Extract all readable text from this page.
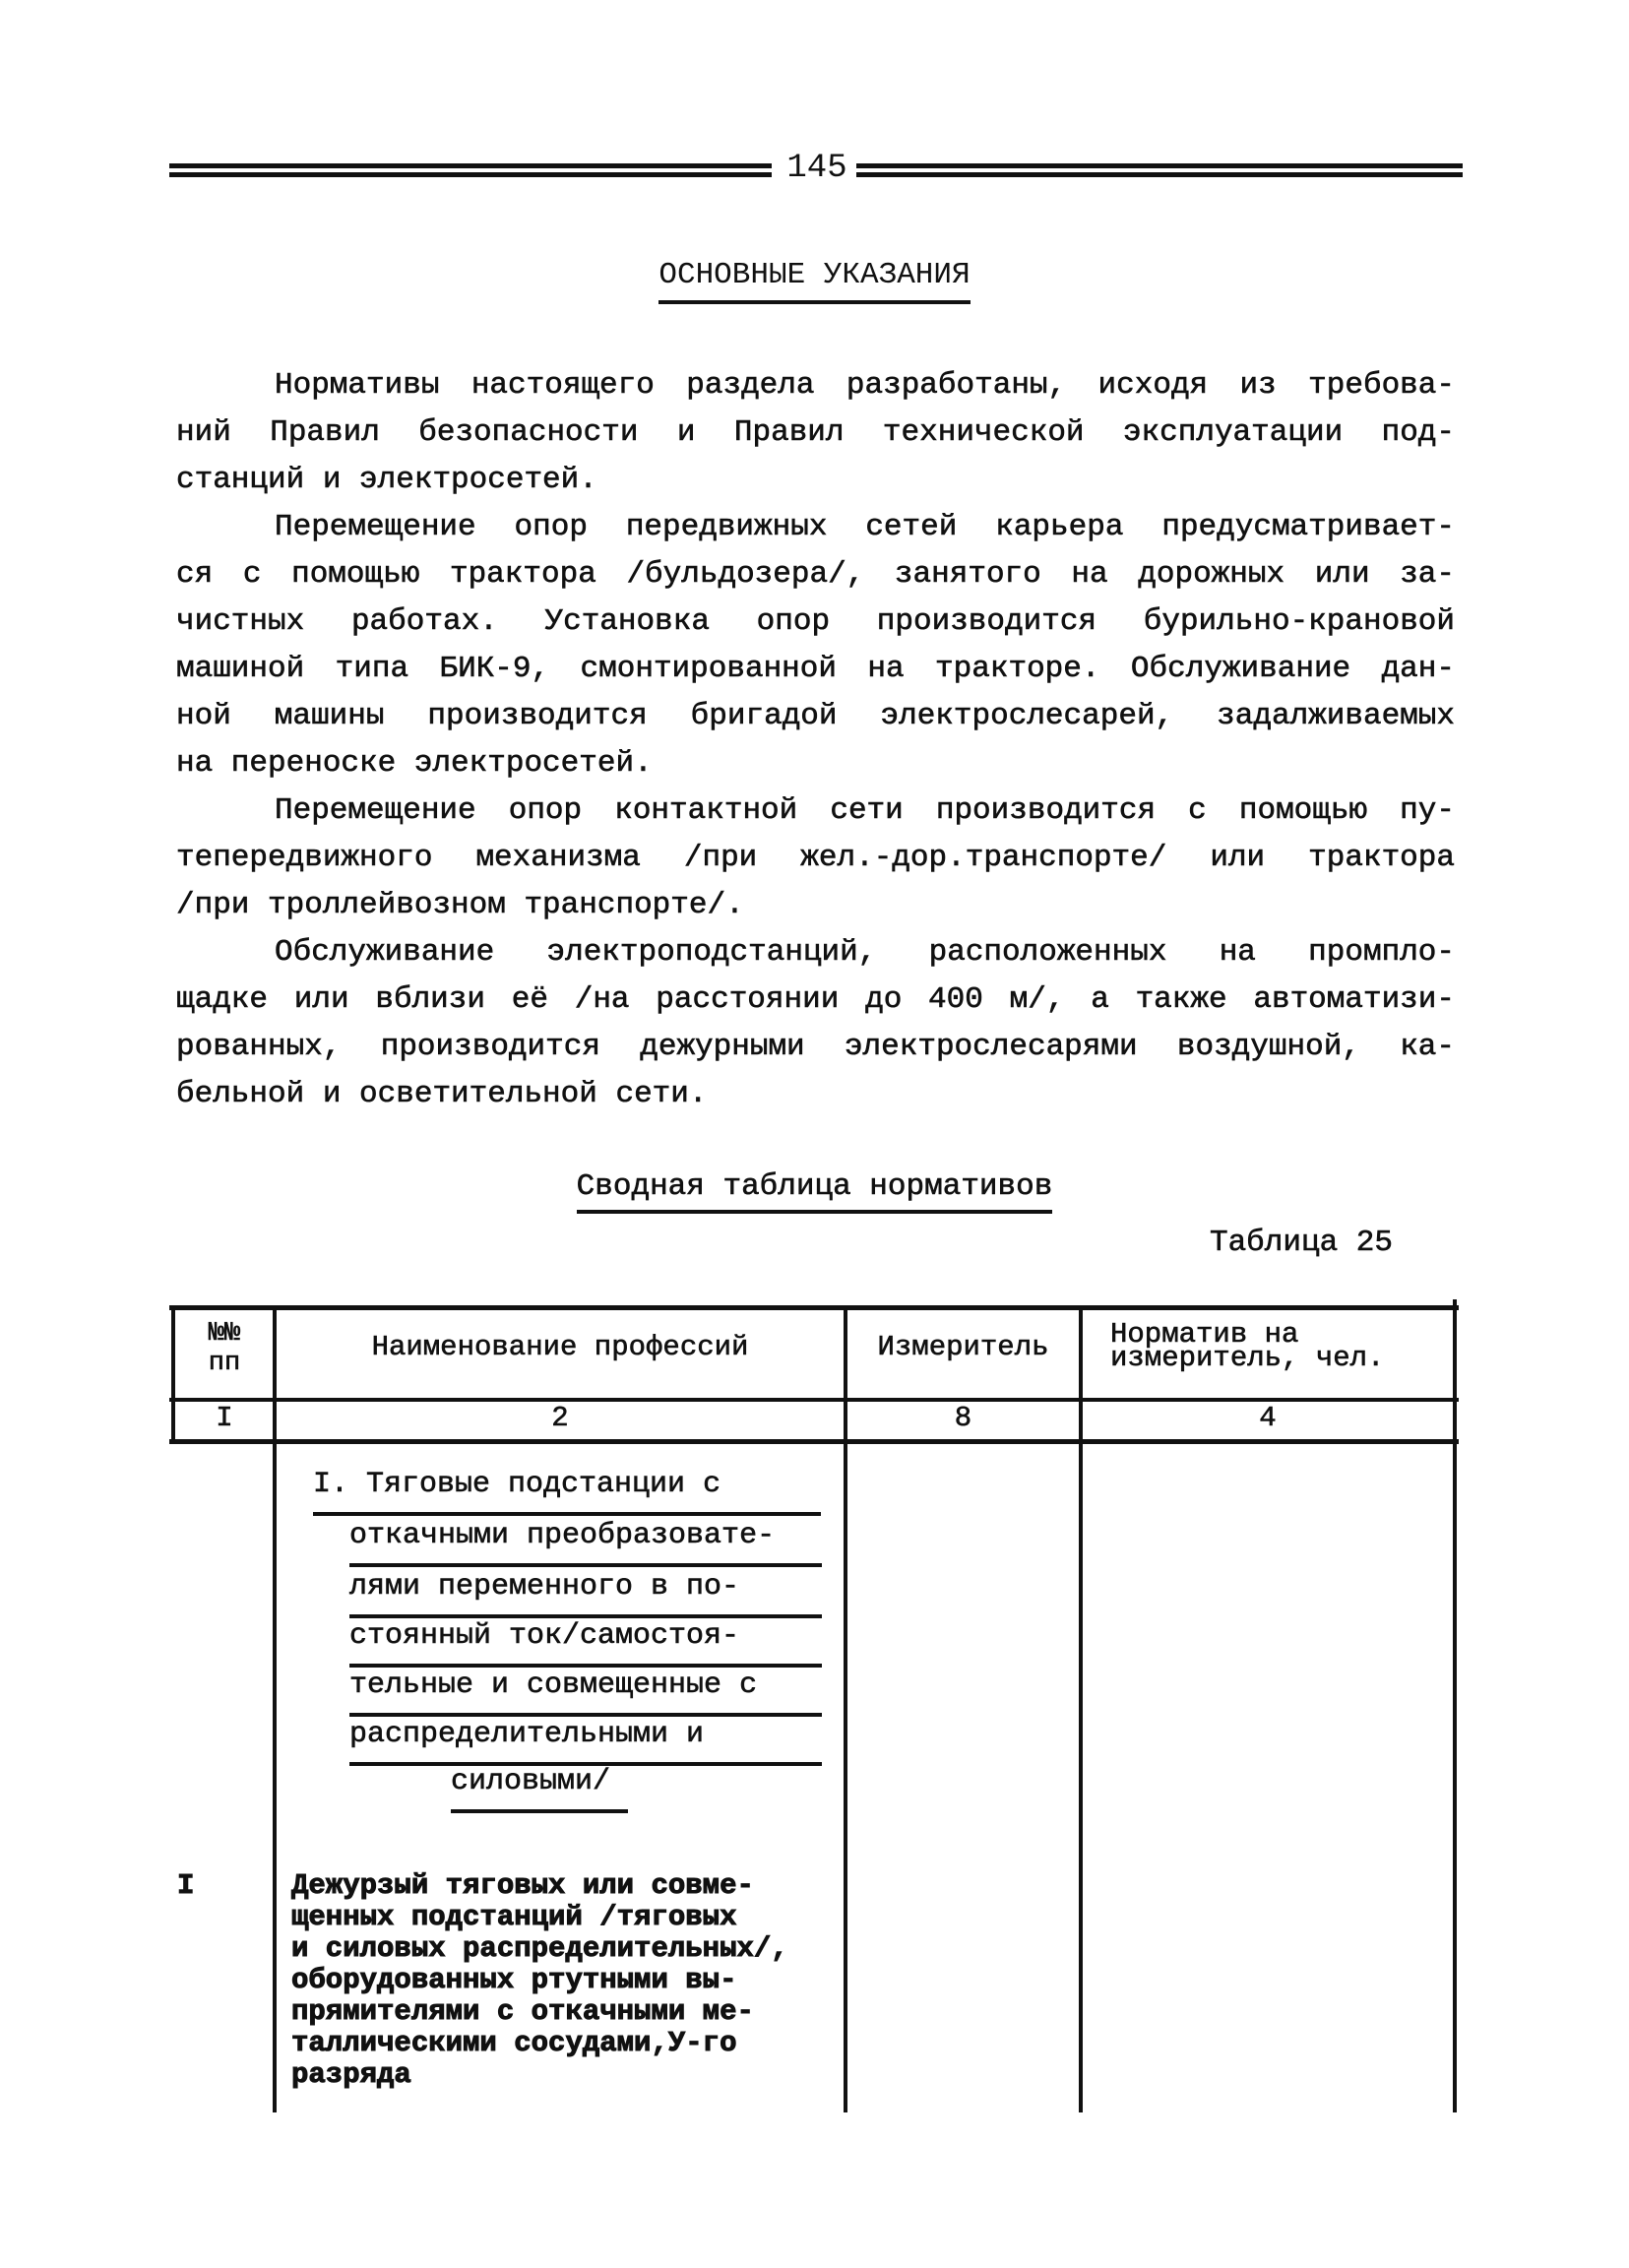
145
ОСНОВНЫЕ УКАЗАНИЯ
Нормативы настоящего раздела разработаны, исходя из требова-
ний Правил безопасности и Правил технической эксплуатации под-
станций и электросетей.
Перемещение опор передвижных сетей карьера предусматривает-
ся с помощью трактора /бульдозера/, занятого на дорожных или за-
чистных работах. Установка опор производится бурильно-крановой
машиной типа БИК-9, смонтированной на тракторе. Обслуживание дан-
ной машины производится бригадой электрослесарей, задалживаемых
на переноске электросетей.
Перемещение опор контактной сети производится с помощью пу-
тепередвижного механизма /при жел.-дор.транспорте/ или трактора
/при троллейвозном транспорте/.
Обслуживание электроподстанций, расположенных на промпло-
щадке или вблизи её /на расстоянии до 400 м/, а также автоматизи-
рованных, производится дежурными электрослесарями воздушной, ка-
бельной и осветительной сети.
Сводная таблица нормативов
Таблица 25
№№
пп	Наименование профессий	Измеритель	Норматив на
измеритель, чел.
I	2	8	4
I. Тяговые подстанции с
откачными преобразовате-
лями переменного в по-
стоянный ток/самостоя-
тельные и совмещенные с
распределительными и
силовыми/
I	Дежурзый тяговых или совме-
щенных подстанций /тяговых
и силовых распределительных/,
оборудованных ртутными вы-
прямителями с откачными ме-
таллическими сосудами,У-го
разряда
